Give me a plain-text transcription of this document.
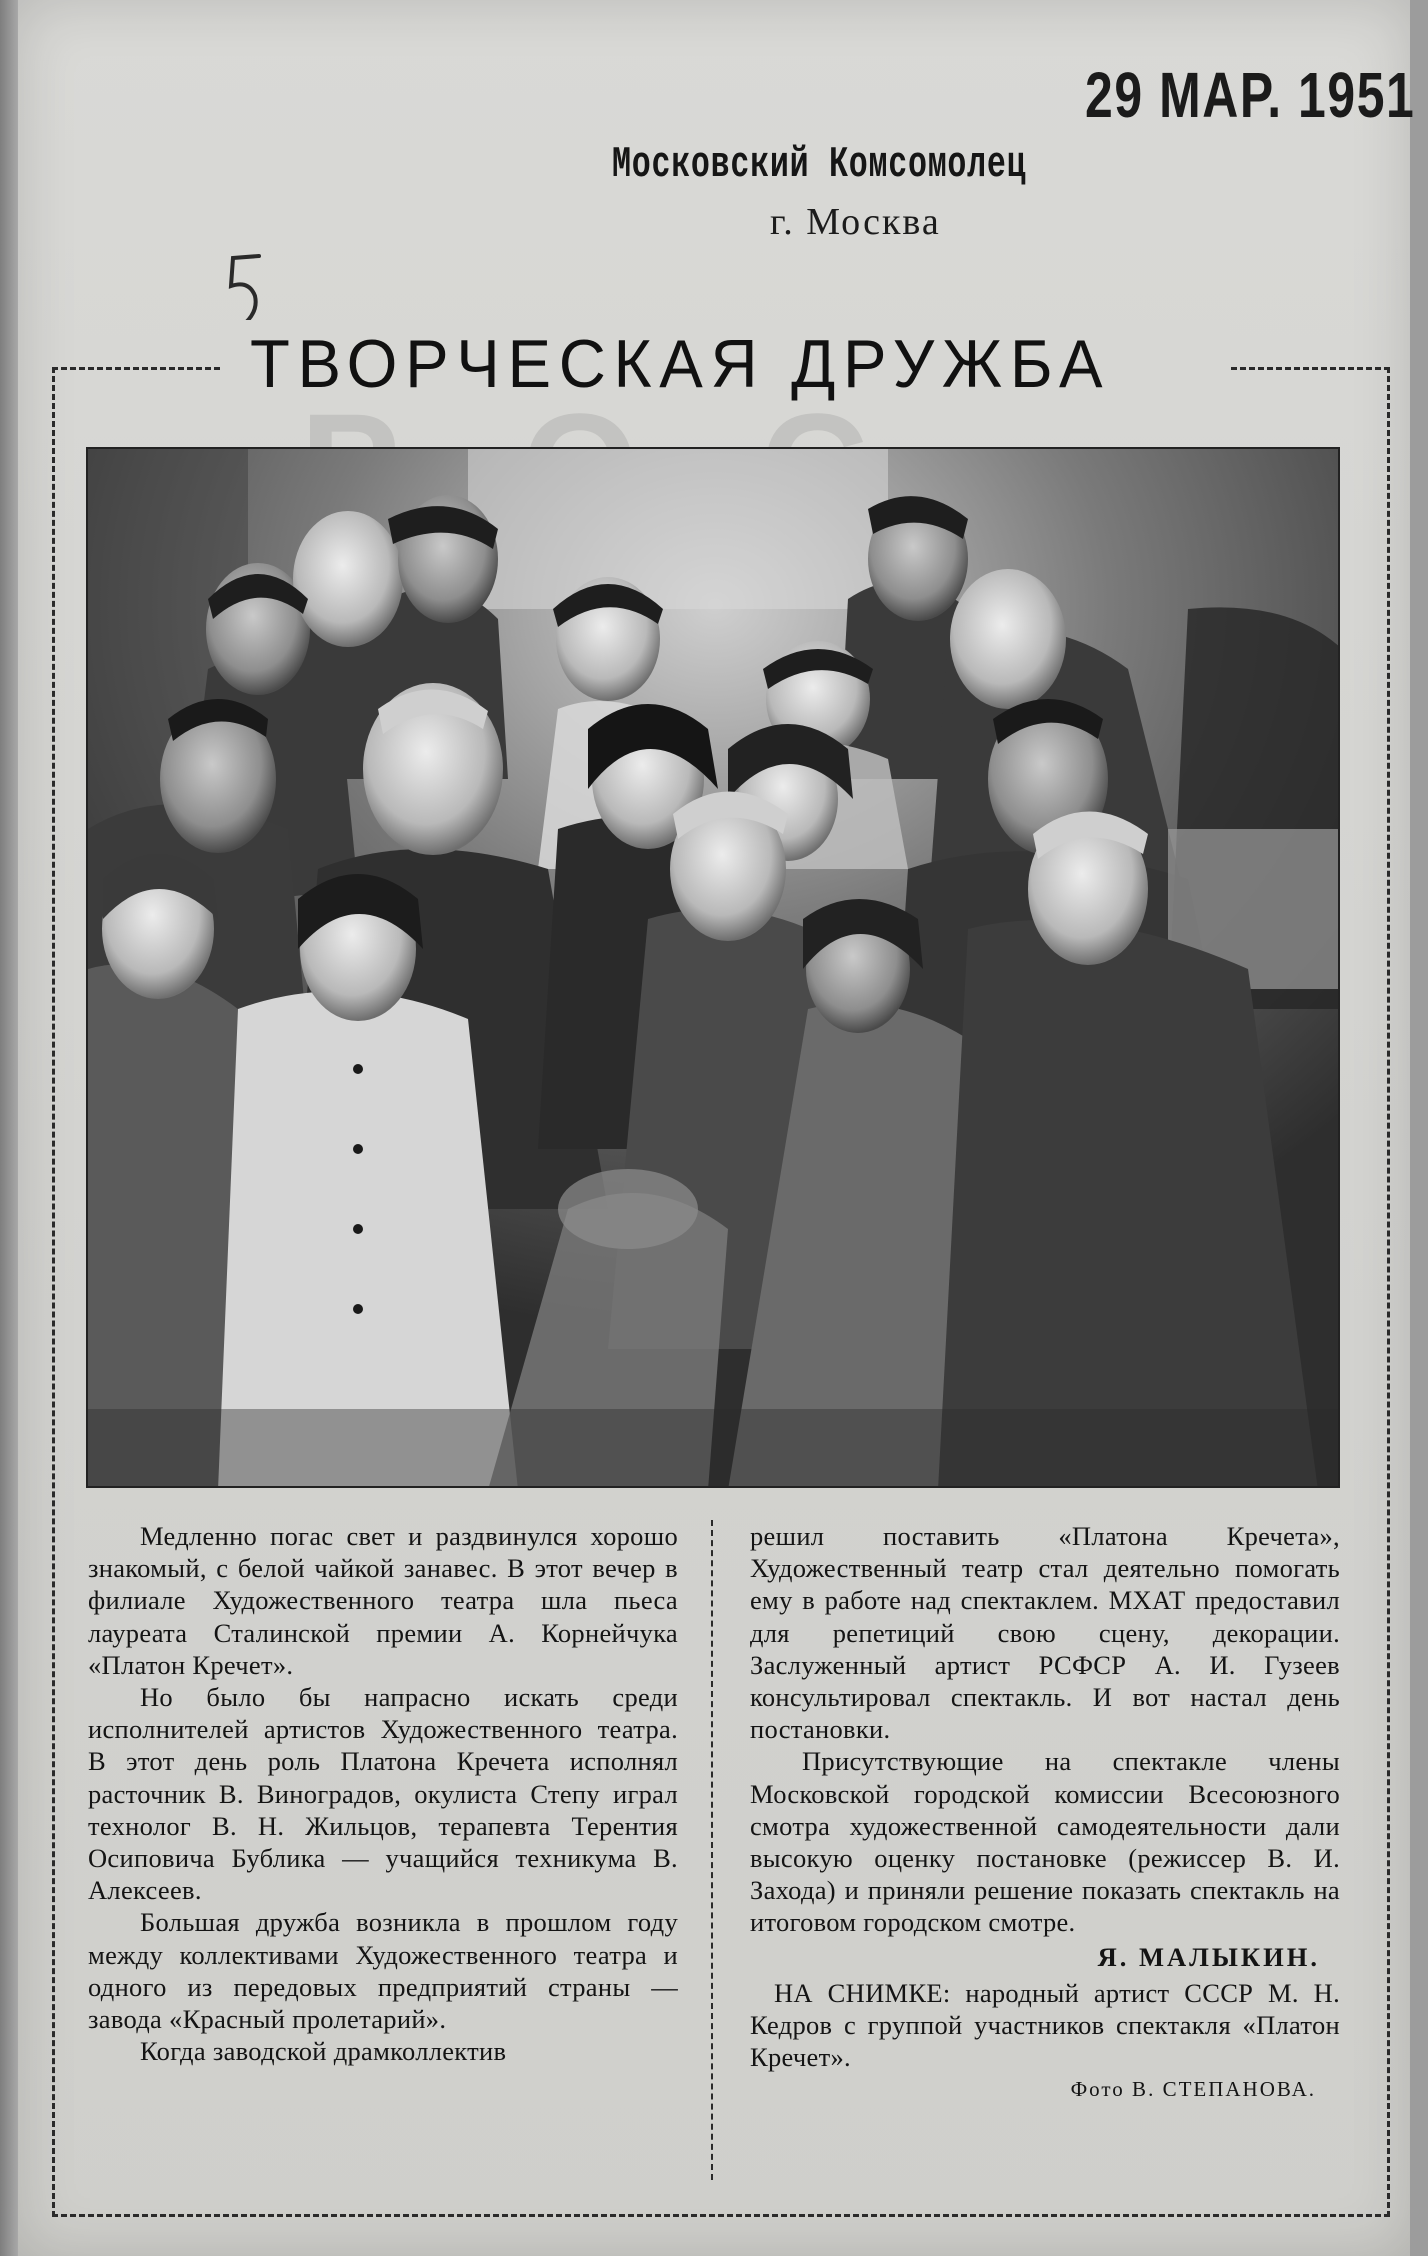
29 МАР. 1951
Московский Комсомолец
г. Москва
ТВОРЧЕСКАЯ ДРУЖБА

Медленно погас свет и раздвинулся хорошо знакомый, с белой чайкой занавес. В этот вечер в филиале Художественного театра шла пьеса лауреата Сталинской премии А. Корнейчука «Платон Кречет».

Но было бы напрасно искать среди исполнителей артистов Художественного театра. В этот день роль Платона Кречета исполнял расточник В. Виноградов, окулиста Степу играл технолог В. Н. Жильцов, терапевта Терентия Осиповича Бублика — учащийся техникума В. Алексеев.

Большая дружба возникла в прошлом году между коллективами Художественного театра и одного из передовых предприятий страны — завода «Красный пролетарий».

Когда заводской драмколлектив

решил поставить «Платона Кречета», Художественный театр стал деятельно помогать ему в работе над спектаклем. МХАТ предоставил для репетиций свою сцену, декорации. Заслуженный артист РСФСР А. И. Гузеев консультировал спектакль. И вот настал день постановки.

Присутствующие на спектакле члены Московской городской комиссии Всесоюзного смотра художественной самодеятельности дали высокую оценку постановке (режиссер В. И. Захода) и приняли решение показать спектакль на итоговом городском смотре.

Я. МАЛЫКИН.

НА СНИМКЕ: народный артист СССР М. Н. Кедров с группой участников спектакля «Платон Кречет».

Фото В. СТЕПАНОВА.
